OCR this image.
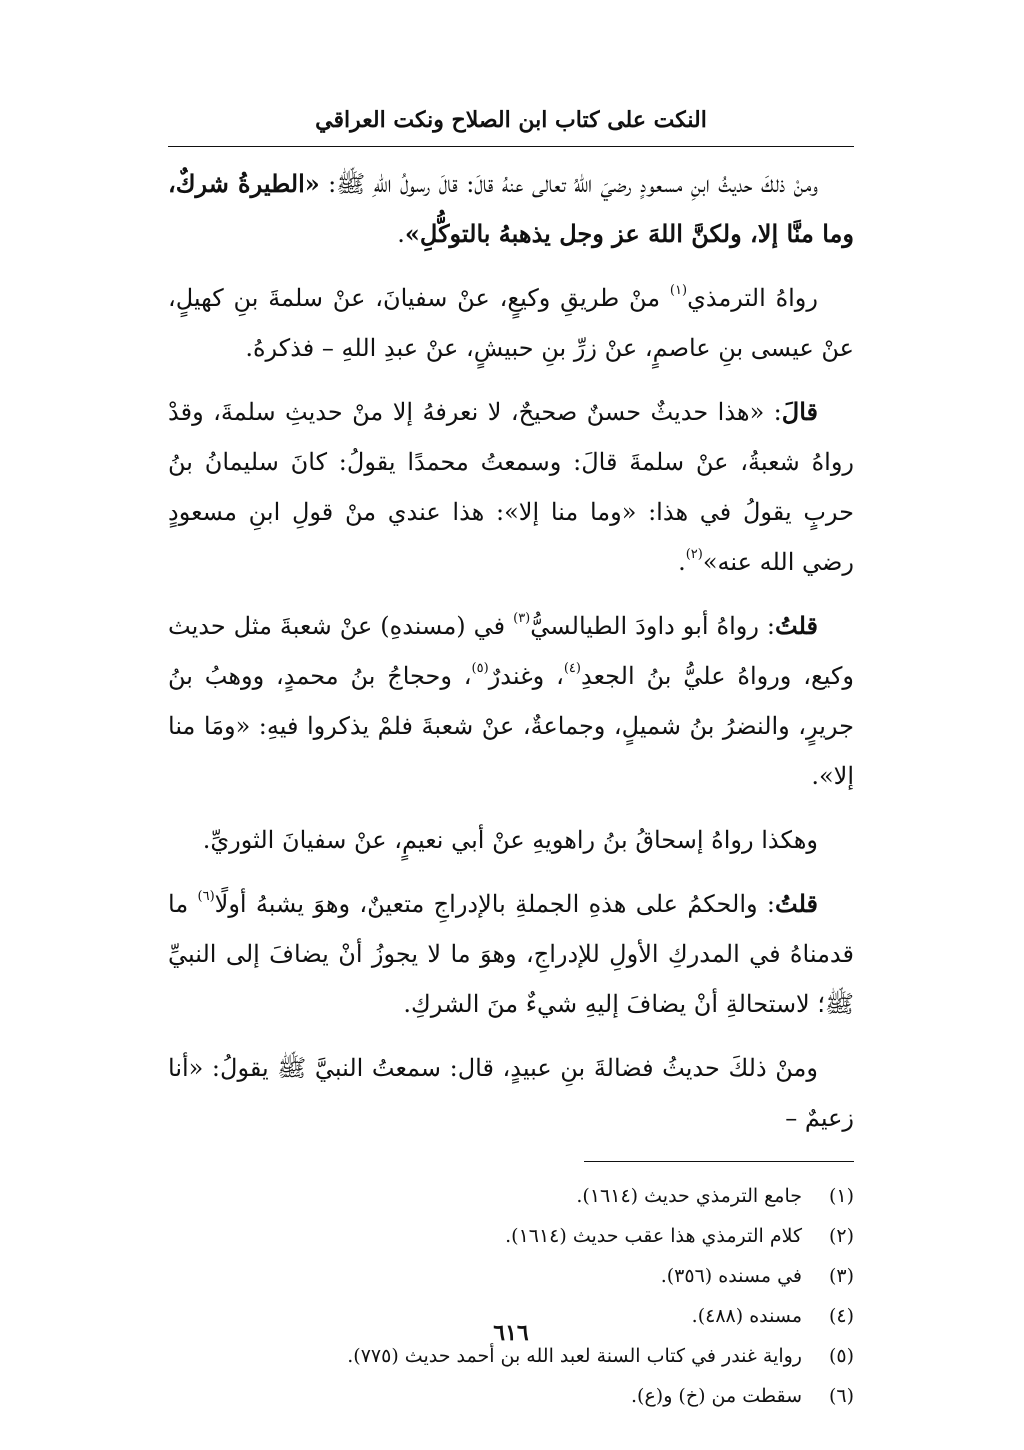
النكت على كتاب ابن الصلاح ونكت العراقي

ومنْ ذلكَ حديثُ ابنِ مسعودٍ رضيَ اللهُ تعالى عنهُ قالَ: قالَ رسولُ اللهِ ﷺ: «الطيرةُ شركٌ، وما منَّا إلا، ولكنَّ اللهَ عز وجل يذهبهُ بالتوكُّلِ».

رواهُ الترمذي$^{(١)}$ منْ طريقِ وكيعٍ، عنْ سفيانَ، عنْ سلمةَ بنِ كهيلٍ، عنْ عيسى بنِ عاصمٍ، عنْ زرِّ بنِ حبيشٍ، عنْ عبدِ اللهِ – فذكرهُ.

قالَ: «هذا حديثٌ حسنٌ صحيحٌ، لا نعرفهُ إلا منْ حديثِ سلمةَ، وقدْ رواهُ شعبةُ، عنْ سلمةَ قالَ: وسمعتُ محمدًا يقولُ: كانَ سليمانُ بنُ حربٍ يقولُ في هذا: «وما منا إلا»: هذا عندي منْ قولِ ابنِ مسعودٍ رضي الله عنه»$^{(٢)}$.

قلتُ: رواهُ أبو داودَ الطيالسيُّ$^{(٣)}$ في (مسندهِ) عنْ شعبةَ مثل حديث وكيع، ورواهُ عليُّ بنُ الجعدِ$^{(٤)}$، وغندرٌ$^{(٥)}$، وحجاجُ بنُ محمدٍ، ووهبُ بنُ جريرٍ، والنضرُ بنُ شميلٍ، وجماعةٌ، عنْ شعبةَ فلمْ يذكروا فيهِ: «ومَا منا إلا».

وهكذا رواهُ إسحاقُ بنُ راهويهِ عنْ أبي نعيمٍ، عنْ سفيانَ الثوريِّ.

قلتُ: والحكمُ على هذهِ الجملةِ بالإدراجِ متعينٌ، وهوَ يشبهُ أولًا$^{(٦)}$ ما قدمناهُ في المدركِ الأولِ للإدراجِ، وهوَ ما لا يجوزُ أنْ يضافَ إلى النبيِّ ﷺ؛ لاستحالةِ أنْ يضافَ إليهِ شيءٌ منَ الشركِ.

ومنْ ذلكَ حديثُ فضالةَ بنِ عبيدٍ، قال: سمعتُ النبيَّ ﷺ يقولُ: «أنا زعيمٌ –

(١)
جامع الترمذي حديث (١٦١٤).
(٢)
كلام الترمذي هذا عقب حديث (١٦١٤).
(٣)
في مسنده (٣٥٦).
(٤)
مسنده (٤٨٨).
(٥)
رواية غندر في كتاب السنة لعبد الله بن أحمد حديث (٧٧٥).
(٦)
سقطت من (خ) و(ع).
٦١٦
